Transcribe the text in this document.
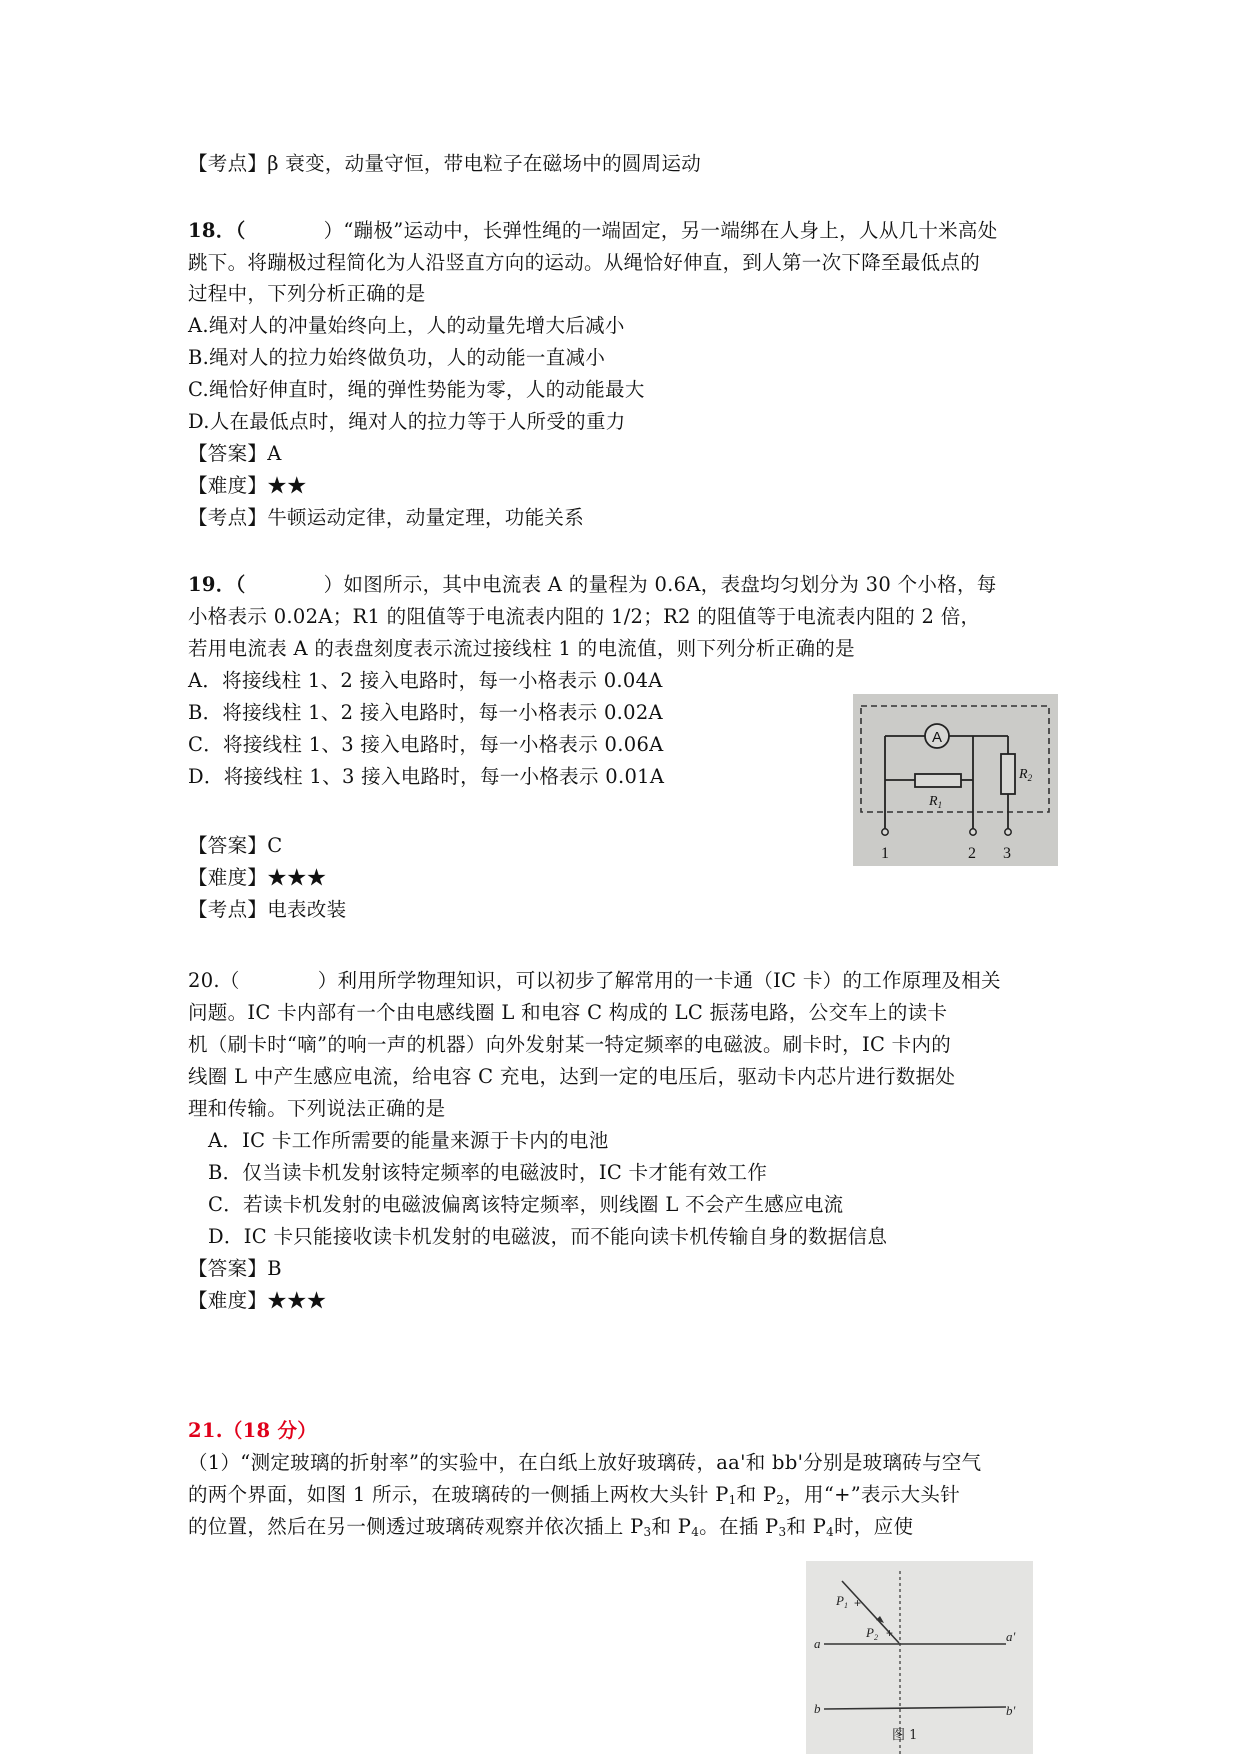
【考点】β 衰变，动量守恒，带电粒子在磁场中的圆周运动
18．（	）“蹦极”运动中，长弹性绳的一端固定，另一端绑在人身上，人从几十米高处
跳下。将蹦极过程简化为人沿竖直方向的运动。从绳恰好伸直，到人第一次下降至最低点的
过程中，下列分析正确的是
A.绳对人的冲量始终向上，人的动量先增大后减小
B.绳对人的拉力始终做负功，人的动能一直减小
C.绳恰好伸直时，绳的弹性势能为零，人的动能最大
D.人在最低点时，绳对人的拉力等于人所受的重力
【答案】A
【难度】★★
【考点】牛顿运动定律，动量定理，功能关系
19．（	）如图所示，其中电流表 A 的量程为 0.6A，表盘均匀划分为 30 个小格，每
小格表示 0.02A；R1 的阻值等于电流表内阻的 1/2；R2 的阻值等于电流表内阻的 2 倍，
若用电流表 A 的表盘刻度表示流过接线柱 1 的电流值，则下列分析正确的是
A．将接线柱 1、2 接入电路时，每一小格表示 0.04A
B．将接线柱 1、2 接入电路时，每一小格表示 0.02A
C．将接线柱 1、3 接入电路时，每一小格表示 0.06A
D．将接线柱 1、3 接入电路时，每一小格表示 0.01A
【答案】C
【难度】★★★
【考点】电表改装
A
$R_1$
$R_2$
1	2 3
20.（	）利用所学物理知识，可以初步了解常用的一卡通（IC 卡）的工作原理及相关
问题。IC 卡内部有一个由电感线圈 L 和电容 C 构成的 LC 振荡电路，公交车上的读卡
机（刷卡时“嘀”的响一声的机器）向外发射某一特定频率的电磁波。刷卡时，IC 卡内的
线圈 L 中产生感应电流，给电容 C 充电，达到一定的电压后，驱动卡内芯片进行数据处
理和传输。下列说法正确的是
A．IC 卡工作所需要的能量来源于卡内的电池
B．仅当读卡机发射该特定频率的电磁波时，IC 卡才能有效工作
C．若读卡机发射的电磁波偏离该特定频率，则线圈 L 不会产生感应电流
D．IC 卡只能接收读卡机发射的电磁波，而不能向读卡机传输自身的数据信息
【答案】B
【难度】★★★
21.（18 分）
（1）“测定玻璃的折射率”的实验中，在白纸上放好玻璃砖，aa'和 bb'分别是玻璃砖与空气
的两个界面，如图 1 所示，在玻璃砖的一侧插上两枚大头针 $P_1$和 $P_2$，用“+”表示大头针
的位置，然后在另一侧透过玻璃砖观察并依次插上 $P_3$和 $P_4$。在插 $P_3$和 $P_4$时，应使
+
+
$P_1$
$P_2$
a	a'
b	b'
图 1
